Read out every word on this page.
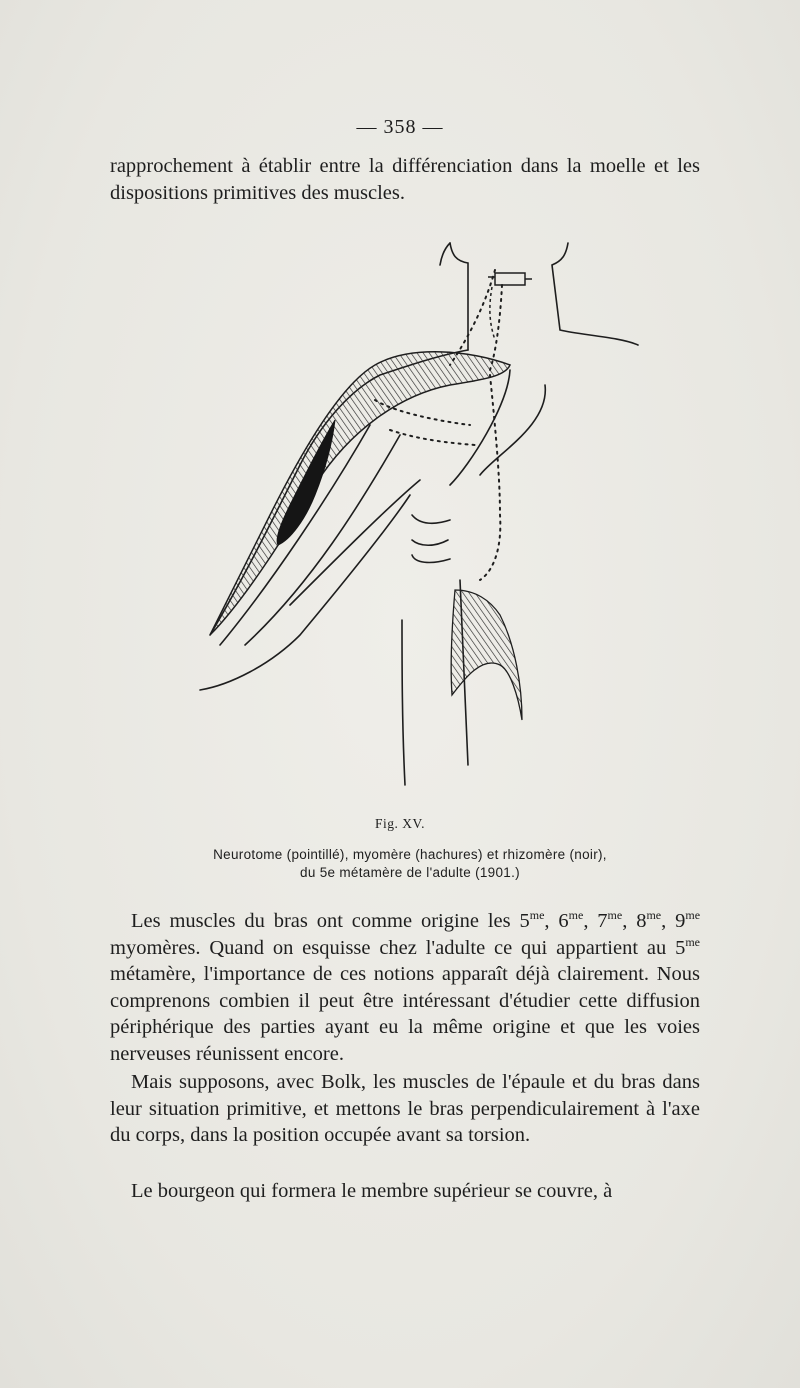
— 358 —

rapprochement à établir entre la différenciation dans la moelle et les dispositions primitives des muscles.

Fig. XV.
Neurotome (pointillé), myomère (hachures) et rhizomère (noir),
du 5e métamère de l'adulte (1901.)

Les muscles du bras ont comme origine les $5^{me}$, $6^{me}$, $7^{me}$, $8^{me}$, $9^{me}$ myomères. Quand on esquisse chez l'adulte ce qui appartient au $5^{me}$ métamère, l'importance de ces notions apparaît déjà clairement. Nous comprenons combien il peut être intéressant d'étudier cette diffusion périphérique des parties ayant eu la même origine et que les voies nerveuses réunissent encore.

Mais supposons, avec Bolk, les muscles de l'épaule et du bras dans leur situation primitive, et mettons le bras perpendiculairement à l'axe du corps, dans la position occupée avant sa torsion.

Le bourgeon qui formera le membre supérieur se couvre, à
